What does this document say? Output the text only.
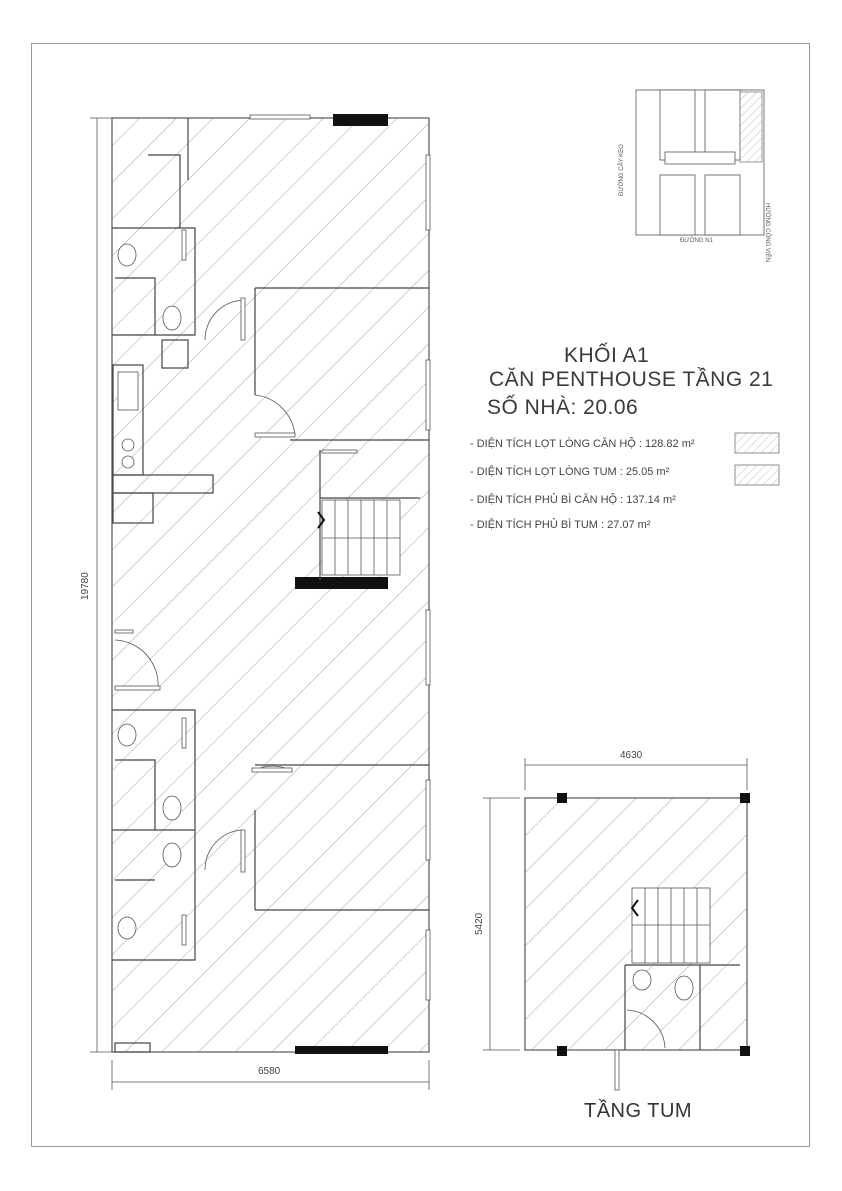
ĐƯỜNG CÂY KEO
HƯỚNG CÔNG VIÊN
ĐƯỜNG N1
KHỐI A1
CĂN PENTHOUSE TẦNG 21
SỐ NHÀ: 20.06
- DIỆN TÍCH LỌT LÒNG CĂN HỘ : 128.82 m²
- DIỆN TÍCH LỌT LÒNG TUM : 25.05 m²
- DIỆN TÍCH PHỦ BÌ CĂN HỘ : 137.14 m²
- DIỆN TÍCH PHỦ BÌ TUM : 27.07 m²
19780
6580
4630
5420
TẦNG TUM
